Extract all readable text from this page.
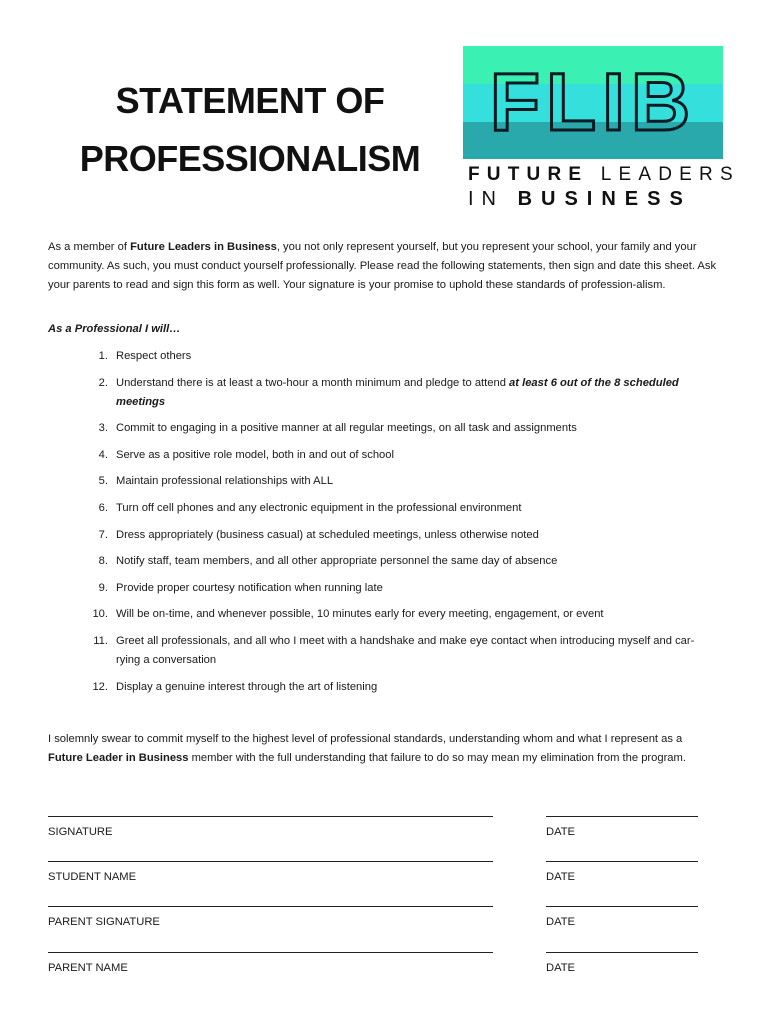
STATEMENT OF
PROFESSIONALISM
FLIB
FUTURE LEADERS
IN BUSINESS
As a member of Future Leaders in Business, you not only represent yourself, but you represent your school, your family and your community. As such, you must conduct yourself professionally. Please read the following statements, then sign and date this sheet. Ask your parents to read and sign this form as well. Your signature is your promise to uphold these standards of profession-alism.
As a Professional I will…
1. Respect others
2. Understand there is at least a two-hour a month minimum and pledge to attend at least 6 out of the 8 scheduled meetings
3. Commit to engaging in a positive manner at all regular meetings, on all task and assignments
4. Serve as a positive role model, both in and out of school
5. Maintain professional relationships with ALL
6. Turn off cell phones and any electronic equipment in the professional environment
7. Dress appropriately (business casual) at scheduled meetings, unless otherwise noted
8. Notify staff, team members, and all other appropriate personnel the same day of absence
9. Provide proper courtesy notification when running late
10. Will be on-time, and whenever possible, 10 minutes early for every meeting, engagement, or event
11. Greet all professionals, and all who I meet with a handshake and make eye contact when introducing myself and car-rying a conversation
12. Display a genuine interest through the art of listening
I solemnly swear to commit myself to the highest level of professional standards, understanding whom and what I represent as a Future Leader in Business member with the full understanding that failure to do so may mean my elimination from the program.
SIGNATURE	DATE
STUDENT NAME	DATE
PARENT SIGNATURE	DATE
PARENT NAME	DATE
